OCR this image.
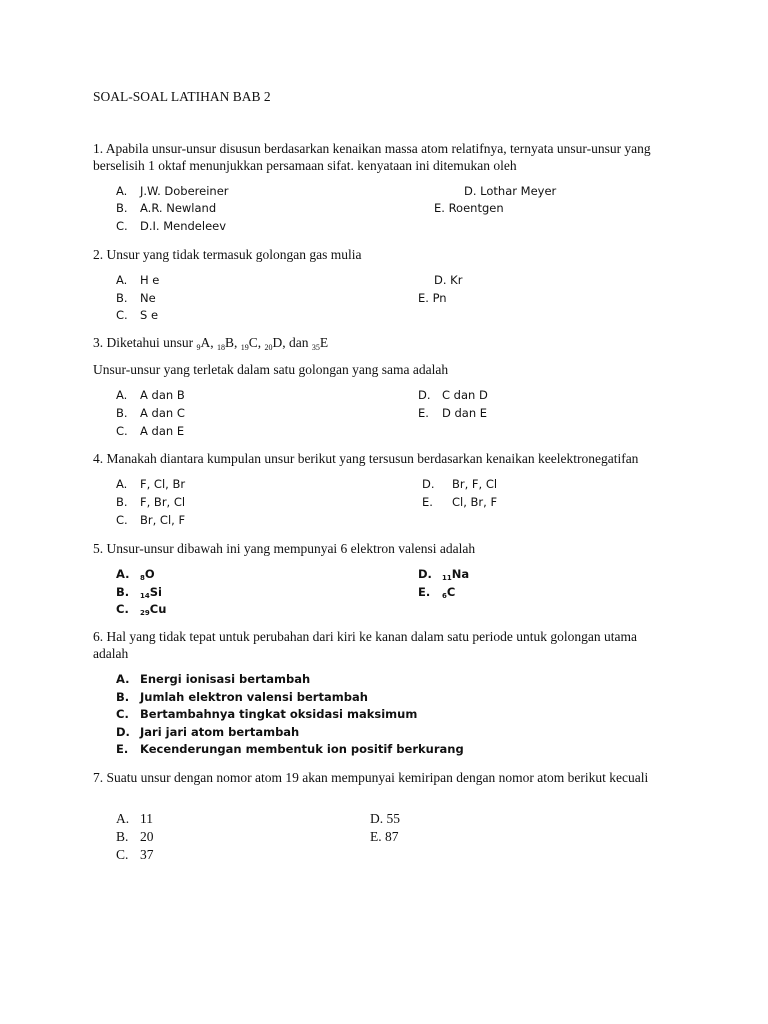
SOAL-SOAL LATIHAN BAB 2

1. Apabila unsur-unsur disusun berdasarkan kenaikan massa atom relatifnya, ternyata unsur-unsur yang berselisih 1 oktaf menunjukkan persamaan sifat. kenyataan ini ditemukan oleh

A. J.W. Dobereiner
B. A.R. Newland
C. D.I. Mendeleev
D. Lothar Meyer
E. Roentgen

2. Unsur yang tidak termasuk golongan gas mulia

A. H e
B. Ne
C. S e
D. Kr
E. Pn

3. Diketahui unsur $_9$A, $_{18}$B, $_{19}$C, $_{20}$D, dan $_{35}$E

Unsur-unsur yang terletak dalam satu golongan yang sama adalah

A. A dan B
B. A dan C
C. A dan E
D. C dan D
E. D dan E

4. Manakah diantara kumpulan unsur berikut yang tersusun berdasarkan kenaikan keelektronegatifan

A. F, Cl, Br
B. F, Br, Cl
C. Br, Cl, F
D. Br, F, Cl
E. Cl, Br, F

5. Unsur-unsur dibawah ini yang mempunyai 6 elektron valensi adalah

A. $_8$O
B. $_{14}$Si
C. $_{29}$Cu
D. $_{11}$Na
E. $_6$C

6. Hal yang tidak tepat untuk perubahan dari kiri ke kanan dalam satu periode untuk golongan utama adalah

A. Energi ionisasi bertambah
B. Jumlah elektron valensi bertambah
C. Bertambahnya tingkat oksidasi maksimum
D. Jari jari atom bertambah
E. Kecenderungan membentuk ion positif berkurang

7. Suatu unsur dengan nomor atom 19 akan mempunyai kemiripan dengan nomor atom berikut kecuali

A. 11
B. 20
C. 37
D. 55
E. 87
